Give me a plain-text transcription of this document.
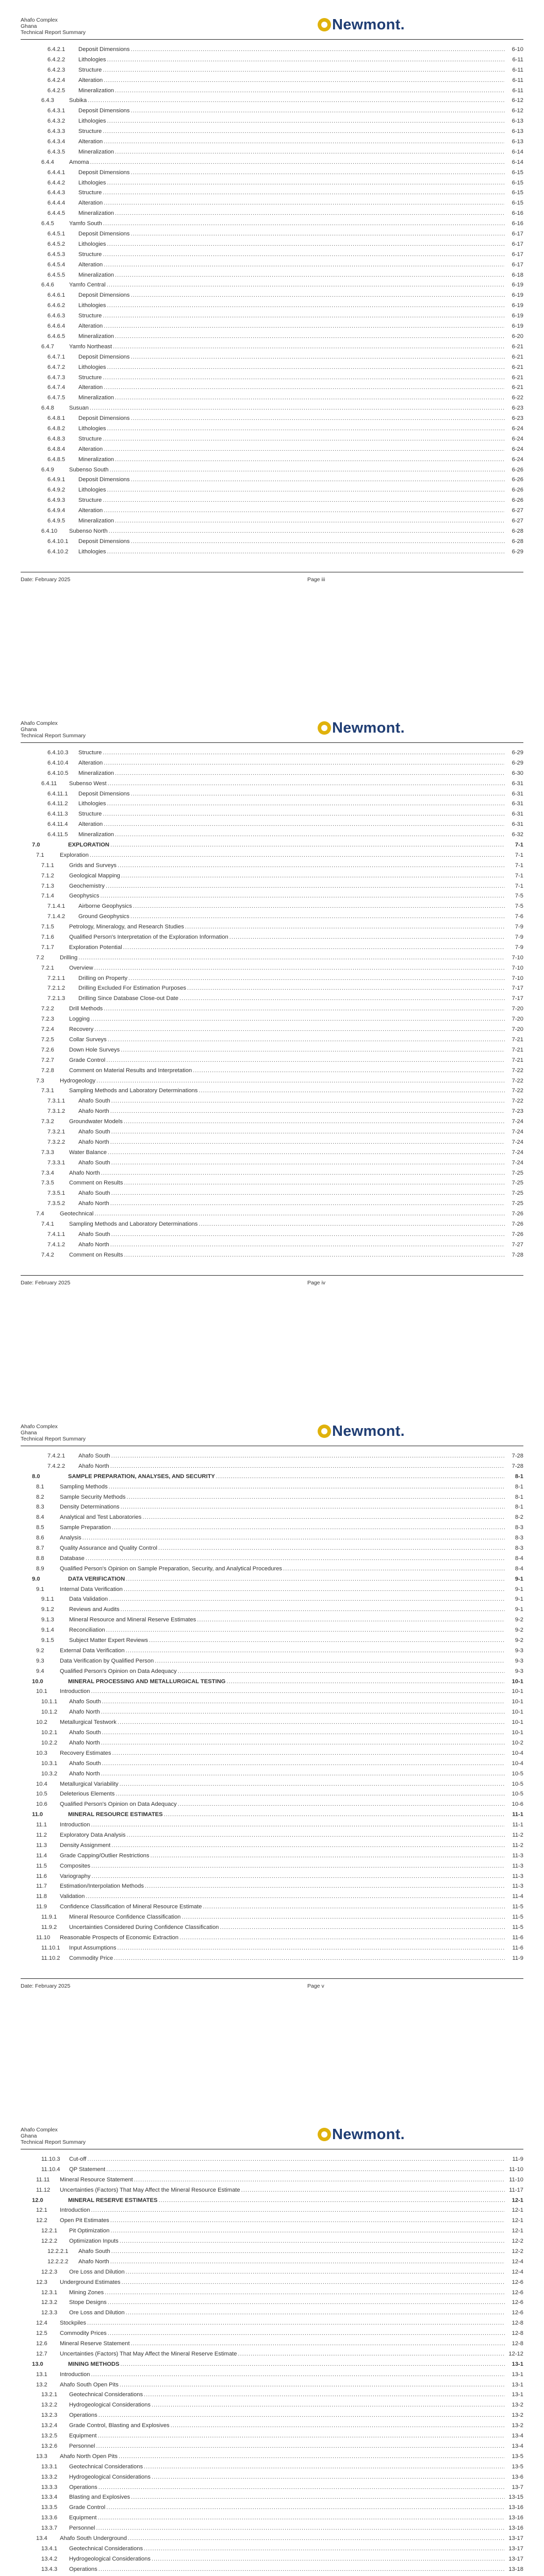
Ahafo Complex
Ghana
Technical Report Summary	Newmont.
6.4.2.1 Deposit Dimensions .....	6-10
6.4.2.2 Lithologies .....	6-11
6.4.2.3 Structure .....	6-11
6.4.2.4 Alteration .....	6-11
6.4.2.5 Mineralization .....	6-11
6.4.3	Subika .....	6-12
6.4.3.1 Deposit Dimensions .....	6-12
6.4.3.2 Lithologies .....	6-13
6.4.3.3 Structure .....	6-13
6.4.3.4 Alteration .....	6-13
6.4.3.5 Mineralization .....	6-14
6.4.4	Amoma .....	6-14
6.4.4.1 Deposit Dimensions .....	6-15
6.4.4.2 Lithologies .....	6-15
6.4.4.3 Structure .....	6-15
6.4.4.4 Alteration .....	6-15
6.4.4.5 Mineralization .....	6-16
6.4.5	Yamfo South .....	6-16
6.4.5.1 Deposit Dimensions .....	6-17
6.4.5.2 Lithologies .....	6-17
6.4.5.3 Structure .....	6-17
6.4.5.4 Alteration .....	6-17
6.4.5.5 Mineralization .....	6-18
6.4.6	Yamfo Central .....	6-19
6.4.6.1 Deposit Dimensions .....	6-19
6.4.6.2 Lithologies .....	6-19
6.4.6.3 Structure .....	6-19
6.4.6.4 Alteration .....	6-19
6.4.6.5 Mineralization .....	6-20
6.4.7	Yamfo Northeast .....	6-21
6.4.7.1 Deposit Dimensions .....	6-21
6.4.7.2 Lithologies .....	6-21
6.4.7.3 Structure .....	6-21
6.4.7.4 Alteration .....	6-21
6.4.7.5 Mineralization .....	6-22
6.4.8	Susuan .....	6-23
6.4.8.1 Deposit Dimensions .....	6-23
6.4.8.2 Lithologies .....	6-24
6.4.8.3 Structure .....	6-24
6.4.8.4 Alteration .....	6-24
6.4.8.5 Mineralization .....	6-24
6.4.9	Subenso South .....	6-26
6.4.9.1 Deposit Dimensions .....	6-26
6.4.9.2 Lithologies .....	6-26
6.4.9.3 Structure .....	6-26
6.4.9.4 Alteration .....	6-27
6.4.9.5 Mineralization .....	6-27
6.4.10 Subenso North .....	6-28
6.4.10.1 Deposit Dimensions .....	6-28
6.4.10.2 Lithologies .....	6-29
Date: February 2025	Page iii
Ahafo Complex
Ghana
Technical Report Summary	Newmont.
6.4.10.3 Structure .....	6-29
6.4.10.4 Alteration .....	6-29
6.4.10.5 Mineralization .....	6-30
6.4.11 Subenso West .....	6-31
6.4.11.1 Deposit Dimensions .....	6-31
6.4.11.2 Lithologies .....	6-31
6.4.11.3 Structure .....	6-31
6.4.11.4 Alteration .....	6-31
6.4.11.5 Mineralization .....	6-32
7.0	EXPLORATION .....	7-1
7.1	Exploration .....	7-1
7.1.1	Grids and Surveys .....	7-1
7.1.2	Geological Mapping .....	7-1
7.1.3	Geochemistry .....	7-1
7.1.4	Geophysics .....	7-5
7.1.4.1 Airborne Geophysics .....	7-5
7.1.4.2 Ground Geophysics .....	7-6
7.1.5	Petrology, Mineralogy, and Research Studies .....	7-9
7.1.6	Qualified Person's Interpretation of the Exploration Information .....	7-9
7.1.7	Exploration Potential .....	7-9
7.2	Drilling .....	7-10
7.2.1	Overview .....	7-10
7.2.1.1 Drilling on Property .....	7-10
7.2.1.2 Drilling Excluded For Estimation Purposes .....	7-17
7.2.1.3 Drilling Since Database Close-out Date .....	7-17
7.2.2	Drill Methods .....	7-20
7.2.3	Logging .....	7-20
7.2.4	Recovery .....	7-20
7.2.5	Collar Surveys .....	7-21
7.2.6	Down Hole Surveys .....	7-21
7.2.7	Grade Control .....	7-21
7.2.8	Comment on Material Results and Interpretation .....	7-22
7.3	Hydrogeology .....	7-22
7.3.1	Sampling Methods and Laboratory Determinations .....	7-22
7.3.1.1 Ahafo South .....	7-22
7.3.1.2 Ahafo North .....	7-23
7.3.2	Groundwater Models .....	7-24
7.3.2.1 Ahafo South .....	7-24
7.3.2.2 Ahafo North .....	7-24
7.3.3	Water Balance .....	7-24
7.3.3.1 Ahafo South .....	7-24
7.3.4	Ahafo North .....	7-25
7.3.5	Comment on Results .....	7-25
7.3.5.1 Ahafo South .....	7-25
7.3.5.2 Ahafo North .....	7-25
7.4	Geotechnical .....	7-26
7.4.1	Sampling Methods and Laboratory Determinations .....	7-26
7.4.1.1 Ahafo South .....	7-26
7.4.1.2 Ahafo North .....	7-27
7.4.2	Comment on Results .....	7-28
Date: February 2025	Page iv
Ahafo Complex
Ghana
Technical Report Summary	Newmont.
7.4.2.1 Ahafo South .....	7-28
7.4.2.2 Ahafo North .....	7-28
8.0	SAMPLE PREPARATION, ANALYSES, AND SECURITY .....	8-1
8.1	Sampling Methods .....	8-1
8.2	Sample Security Methods .....	8-1
8.3	Density Determinations .....	8-1
8.4	Analytical and Test Laboratories .....	8-2
8.5	Sample Preparation .....	8-3
8.6	Analysis .....	8-3
8.7	Quality Assurance and Quality Control .....	8-3
8.8	Database .....	8-4
8.9	Qualified Person's Opinion on Sample Preparation, Security, and Analytical Procedures .....	8-4
9.0	DATA VERIFICATION .....	9-1
9.1	Internal Data Verification .....	9-1
9.1.1	Data Validation .....	9-1
9.1.2	Reviews and Audits .....	9-1
9.1.3	Mineral Resource and Mineral Reserve Estimates .....	9-2
9.1.4	Reconciliation .....	9-2
9.1.5	Subject Matter Expert Reviews .....	9-2
9.2	External Data Verification .....	9-3
9.3	Data Verification by Qualified Person .....	9-3
9.4	Qualified Person's Opinion on Data Adequacy .....	9-3
10.0	MINERAL PROCESSING AND METALLURGICAL TESTING .....	10-1
10.1 Introduction .....	10-1
10.1.1 Ahafo South .....	10-1
10.1.2 Ahafo North .....	10-1
10.2 Metallurgical Testwork .....	10-1
10.2.1 Ahafo South .....	10-1
10.2.2 Ahafo North .....	10-2
10.3 Recovery Estimates .....	10-4
10.3.1 Ahafo South .....	10-4
10.3.2 Ahafo North .....	10-5
10.4 Metallurgical Variability .....	10-5
10.5 Deleterious Elements .....	10-5
10.6 Qualified Person's Opinion on Data Adequacy .....	10-6
11.0	MINERAL RESOURCE ESTIMATES .....	11-1
11.1 Introduction .....	11-1
11.2 Exploratory Data Analysis .....	11-2
11.3 Density Assignment .....	11-2
11.4 Grade Capping/Outlier Restrictions .....	11-3
11.5 Composites .....	11-3
11.6 Variography .....	11-3
11.7 Estimation/Interpolation Methods .....	11-3
11.8 Validation .....	11-4
11.9 Confidence Classification of Mineral Resource Estimate .....	11-5
11.9.1 Mineral Resource Confidence Classification .....	11-5
11.9.2 Uncertainties Considered During Confidence Classification .....	11-5
11.10 Reasonable Prospects of Economic Extraction .....	11-6
11.10.1 Input Assumptions .....	11-6
11.10.2 Commodity Price .....	11-9
Date: February 2025	Page v
Ahafo Complex
Ghana
Technical Report Summary	Newmont.
11.10.3 Cut-off .....	11-9
11.10.4 QP Statement .....	11-10
11.11 Mineral Resource Statement .....	11-10
11.12 Uncertainties (Factors) That May Affect the Mineral Resource Estimate .....	11-17
12.0	MINERAL RESERVE ESTIMATES .....	12-1
12.1 Introduction .....	12-1
12.2 Open Pit Estimates .....	12-1
12.2.1 Pit Optimization .....	12-1
12.2.2 Optimization Inputs .....	12-2
12.2.2.1 Ahafo South .....	12-2
12.2.2.2 Ahafo North .....	12-4
12.2.3 Ore Loss and Dilution .....	12-4
12.3 Underground Estimates .....	12-6
12.3.1 Mining Zones .....	12-6
12.3.2 Stope Designs .....	12-6
12.3.3 Ore Loss and Dilution .....	12-6
12.4 Stockpiles .....	12-8
12.5 Commodity Prices .....	12-8
12.6 Mineral Reserve Statement .....	12-8
12.7 Uncertainties (Factors) That May Affect the Mineral Reserve Estimate .....	12-12
13.0	MINING METHODS .....	13-1
13.1 Introduction .....	13-1
13.2 Ahafo South Open Pits .....	13-1
13.2.1 Geotechnical Considerations .....	13-1
13.2.2 Hydrogeological Considerations .....	13-2
13.2.3 Operations .....	13-2
13.2.4 Grade Control, Blasting and Explosives .....	13-2
13.2.5 Equipment .....	13-4
13.2.6 Personnel .....	13-4
13.3 Ahafo North Open Pits .....	13-5
13.3.1 Geotechnical Considerations .....	13-5
13.3.2 Hydrogeological Considerations .....	13-6
13.3.3 Operations .....	13-7
13.3.4 Blasting and Explosives .....	13-15
13.3.5 Grade Control .....	13-16
13.3.6 Equipment .....	13-16
13.3.7 Personnel .....	13-16
13.4 Ahafo South Underground .....	13-17
13.4.1 Geotechnical Considerations .....	13-17
13.4.2 Hydrogeological Considerations .....	13-17
13.4.3 Operations .....	13-18
.....
